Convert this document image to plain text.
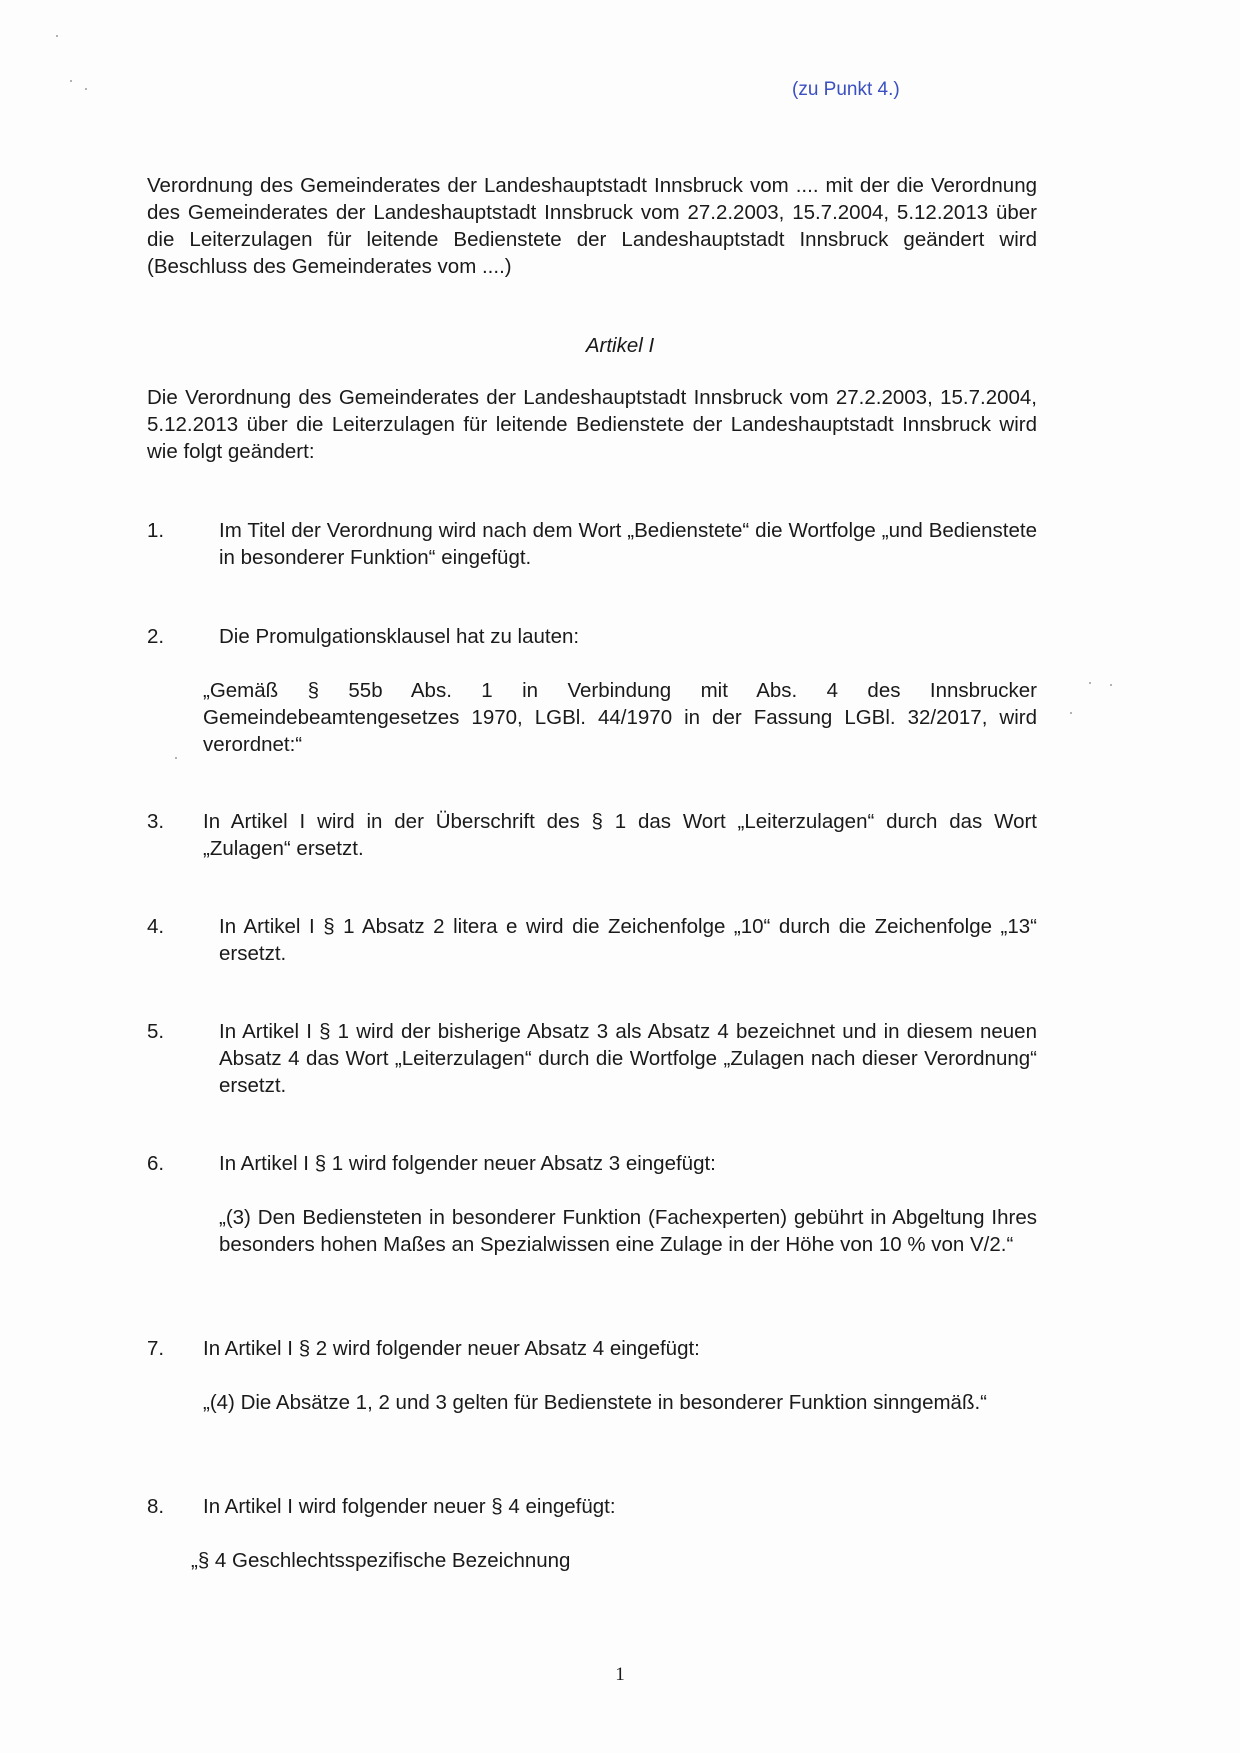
(zu Punkt 4.)
Verordnung des Gemeinderates der Landeshauptstadt Innsbruck vom .... mit der die Verordnung des Gemeinderates der Landeshauptstadt Innsbruck vom 27.2.2003, 15.7.2004, 5.12.2013 über die Leiterzulagen für leitende Bedienstete der Landeshauptstadt Innsbruck geändert wird (Beschluss des Gemeinderates vom ....)
Artikel I
Die Verordnung des Gemeinderates der Landeshauptstadt Innsbruck vom 27.2.2003, 15.7.2004, 5.12.2013 über die Leiterzulagen für leitende Bedienstete der Landeshauptstadt Innsbruck wird wie folgt geändert:
1.	Im Titel der Verordnung wird nach dem Wort „Bedienstete“ die Wortfolge „und Bedienstete in besonderer Funktion“ eingefügt.
2.	Die Promulgationsklausel hat zu lauten:
„Gemäß § 55b Abs. 1 in Verbindung mit Abs. 4 des Innsbrucker Gemeindebeamtengesetzes 1970, LGBl. 44/1970 in der Fassung LGBl. 32/2017, wird verordnet:“
3. In Artikel I wird in der Überschrift des § 1 das Wort „Leiterzulagen“ durch das Wort „Zulagen“ ersetzt.
4.	In Artikel I § 1 Absatz 2 litera e wird die Zeichenfolge „10“ durch die Zeichenfolge „13“ ersetzt.
5.	In Artikel I § 1 wird der bisherige Absatz 3 als Absatz 4 bezeichnet und in diesem neuen Absatz 4 das Wort „Leiterzulagen“ durch die Wortfolge „Zulagen nach dieser Verordnung“ ersetzt.
6.	In Artikel I § 1 wird folgender neuer Absatz 3 eingefügt:
„(3) Den Bediensteten in besonderer Funktion (Fachexperten) gebührt in Abgeltung Ihres besonders hohen Maßes an Spezialwissen eine Zulage in der Höhe von 10 % von V/2.“
7. In Artikel I § 2 wird folgender neuer Absatz 4 eingefügt:
„(4) Die Absätze 1, 2 und 3 gelten für Bedienstete in besonderer Funktion sinngemäß.“
8. In Artikel I wird folgender neuer § 4 eingefügt:
„§ 4 Geschlechtsspezifische Bezeichnung
1
